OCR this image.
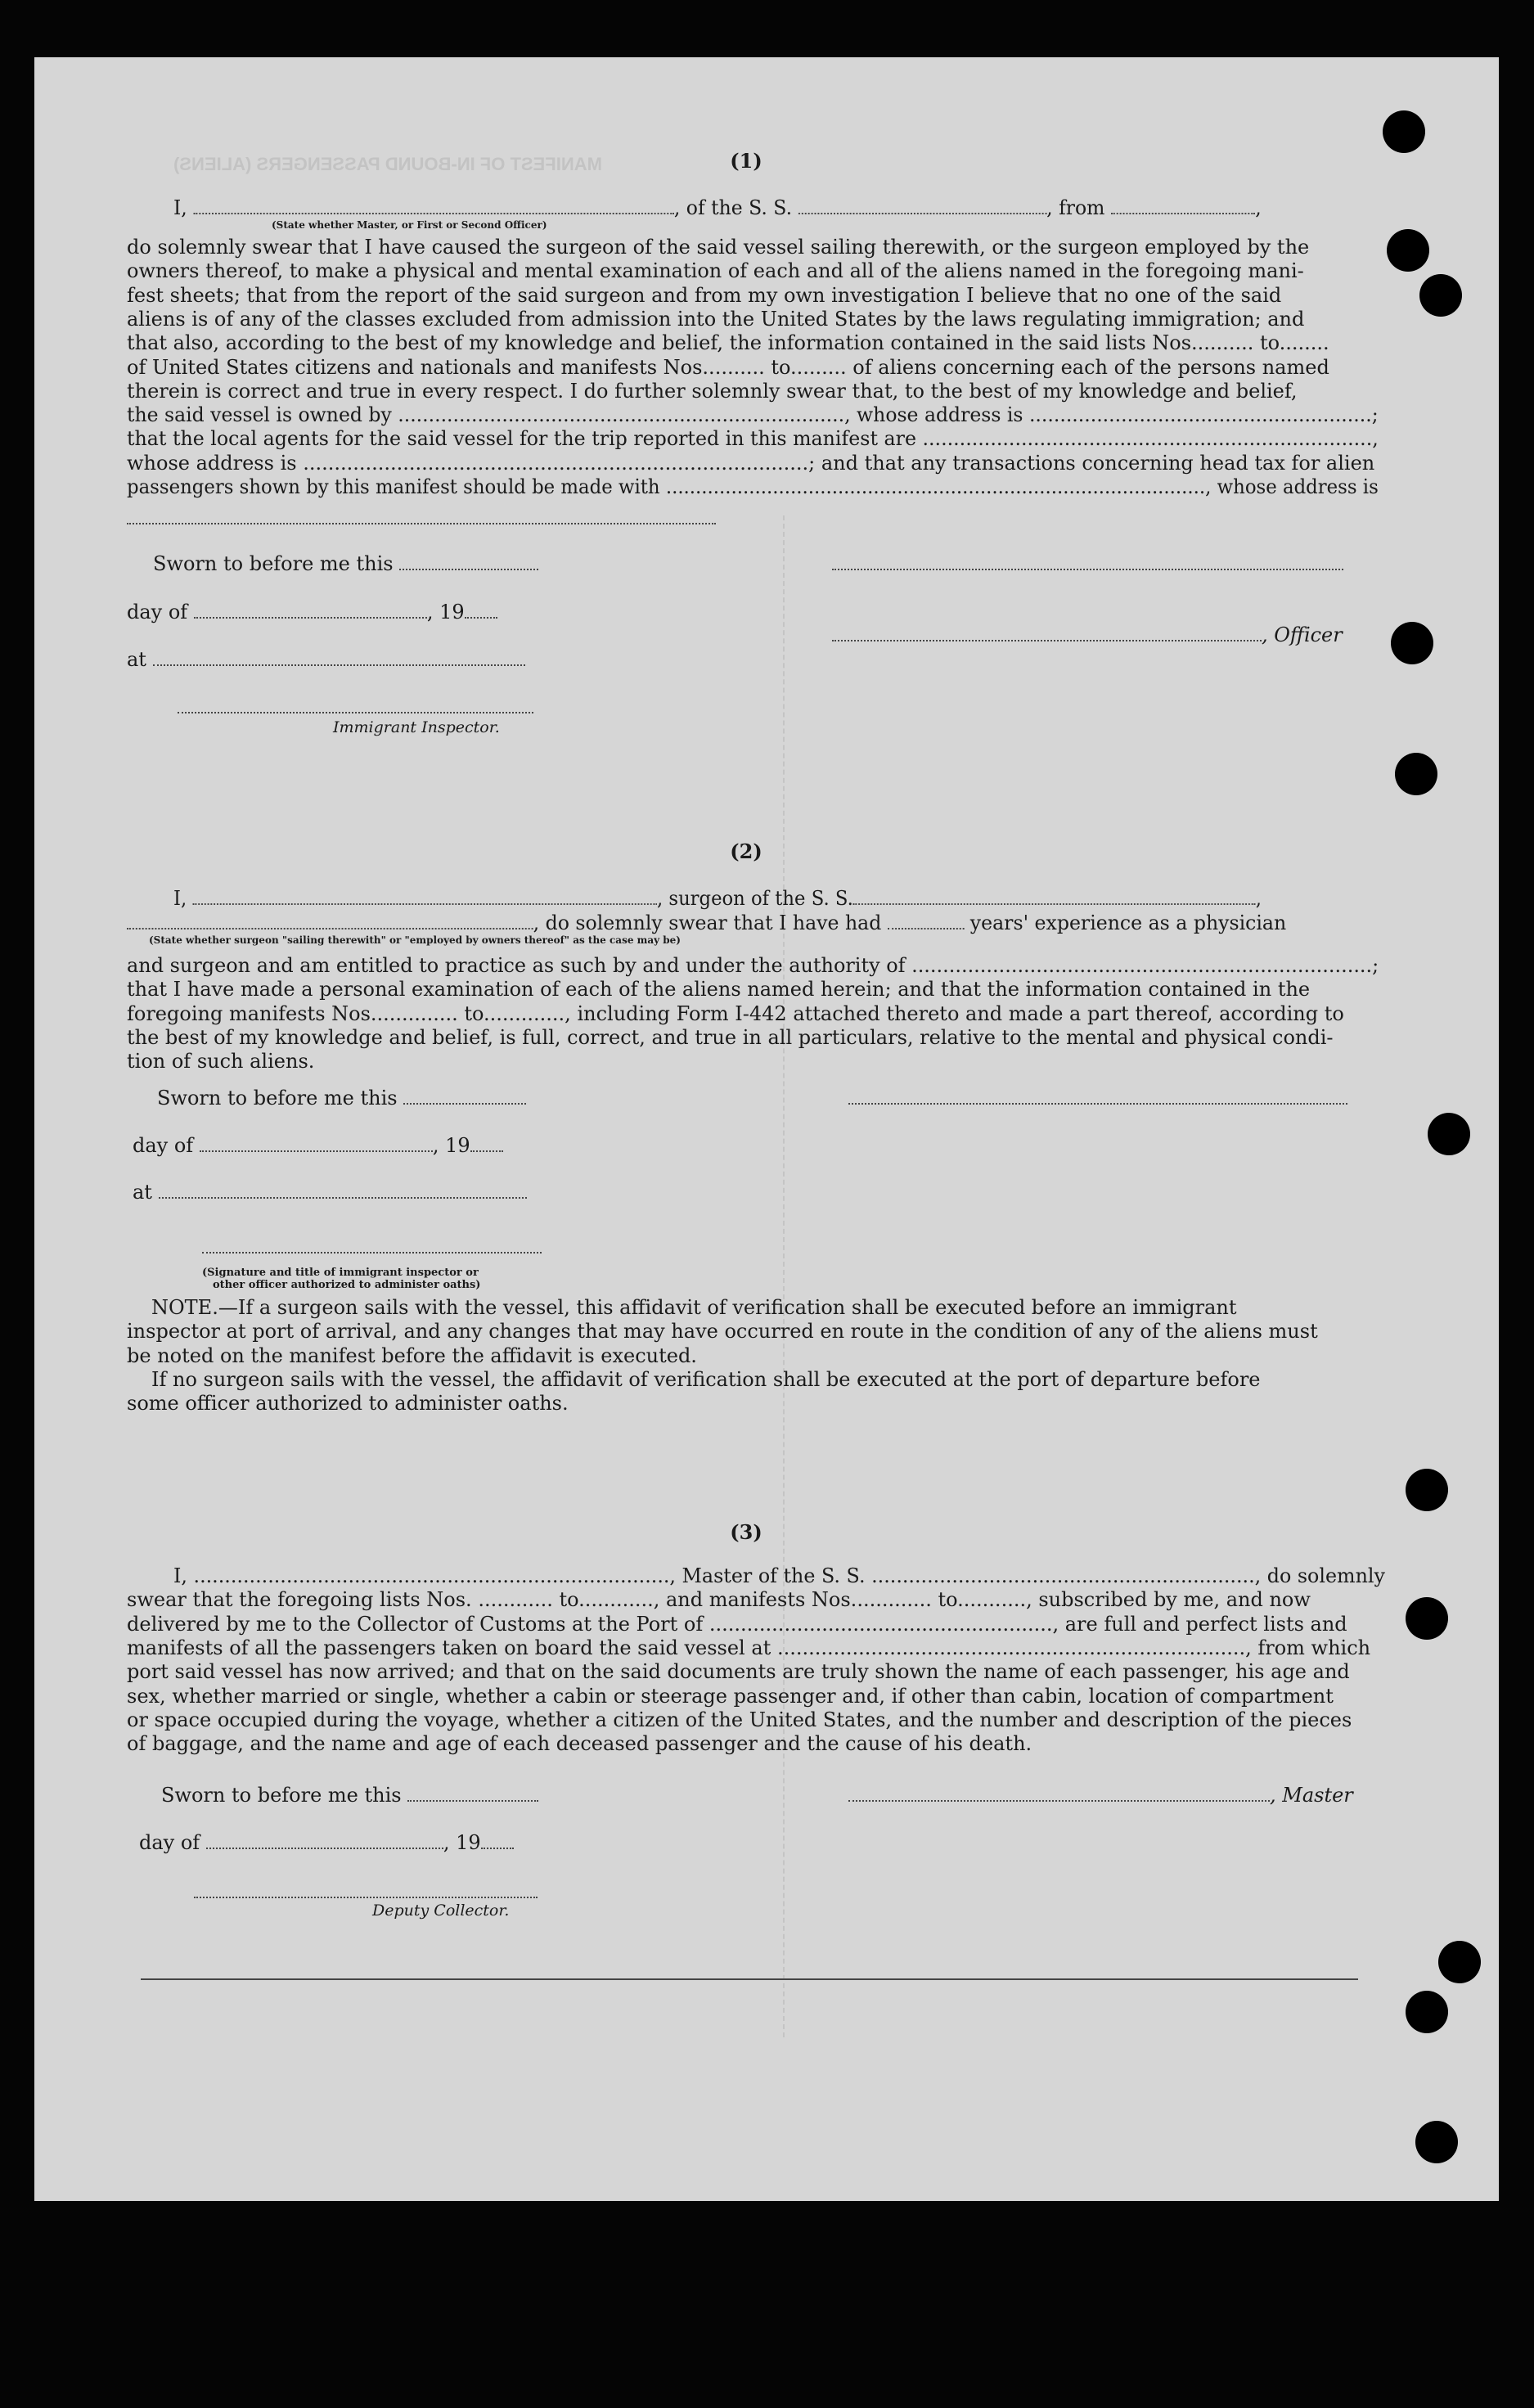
MANIFEST OF IN-BOUND PASSENGERS (ALIENS)	(1)
I,	, of the S. S.	, from	,
(State whether Master, or First or Second Officer)
do solemnly swear that I have caused the surgeon of the said vessel sailing therewith, or the surgeon employed by the
owners thereof, to make a physical and mental examination of each and all of the aliens named in the foregoing mani-
fest sheets; that from the report of the said surgeon and from my own investigation I believe that no one of the said
aliens is of any of the classes excluded from admission into the United States by the laws regulating immigration; and
that also, according to the best of my knowledge and belief, the information contained in the said lists Nos.......... to........
of United States citizens and nationals and manifests Nos.......... to......... of aliens concerning each of the persons named
therein is correct and true in every respect. I do further solemnly swear that, to the best of my knowledge and belief,
the said vessel is owned by ........................................................................., whose address is ........................................................;
that the local agents for the said vessel for the trip reported in this manifest are .........................................................................,
whose address is .................................................................................; and that any transactions concerning head tax for alien
passengers shown by this manifest should be made with ..........................................................................................., whose address is
Sworn to before me this
day of	, 19
, Officer
at
Immigrant Inspector.
(2)
I,	, surgeon of the S. S.	,
, do solemnly swear that I have had	years' experience as a physician
(State whether surgeon "sailing therewith" or "employed by owners thereof" as the case may be)
and surgeon and am entitled to practice as such by and under the authority of ..........................................................................;
that I have made a personal examination of each of the aliens named herein; and that the information contained in the
foregoing manifests Nos.............. to............., including Form I-442 attached thereto and made a part thereof, according to
the best of my knowledge and belief, is full, correct, and true in all particulars, relative to the mental and physical condi-
tion of such aliens.
Sworn to before me this
day of	, 19
at
(Signature and title of immigrant inspector or
other officer authorized to administer oaths)
NOTE.—If a surgeon sails with the vessel, this affidavit of verification shall be executed before an immigrant
inspector at port of arrival, and any changes that may have occurred en route in the condition of any of the aliens must
be noted on the manifest before the affidavit is executed.
If no surgeon sails with the vessel, the affidavit of verification shall be executed at the port of departure before
some officer authorized to administer oaths.
(3)
I, ............................................................................., Master of the S. S. .............................................................., do solemnly
swear that the foregoing lists Nos. ............ to............, and manifests Nos............. to..........., subscribed by me, and now
delivered by me to the Collector of Customs at the Port of ......................................................., are full and perfect lists and
manifests of all the passengers taken on board the said vessel at ..........................................................................., from which
port said vessel has now arrived; and that on the said documents are truly shown the name of each passenger, his age and
sex, whether married or single, whether a cabin or steerage passenger and, if other than cabin, location of compartment
or space occupied during the voyage, whether a citizen of the United States, and the number and description of the pieces
of baggage, and the name and age of each deceased passenger and the cause of his death.
Sworn to before me this	, Master
day of	, 19
Deputy Collector.
